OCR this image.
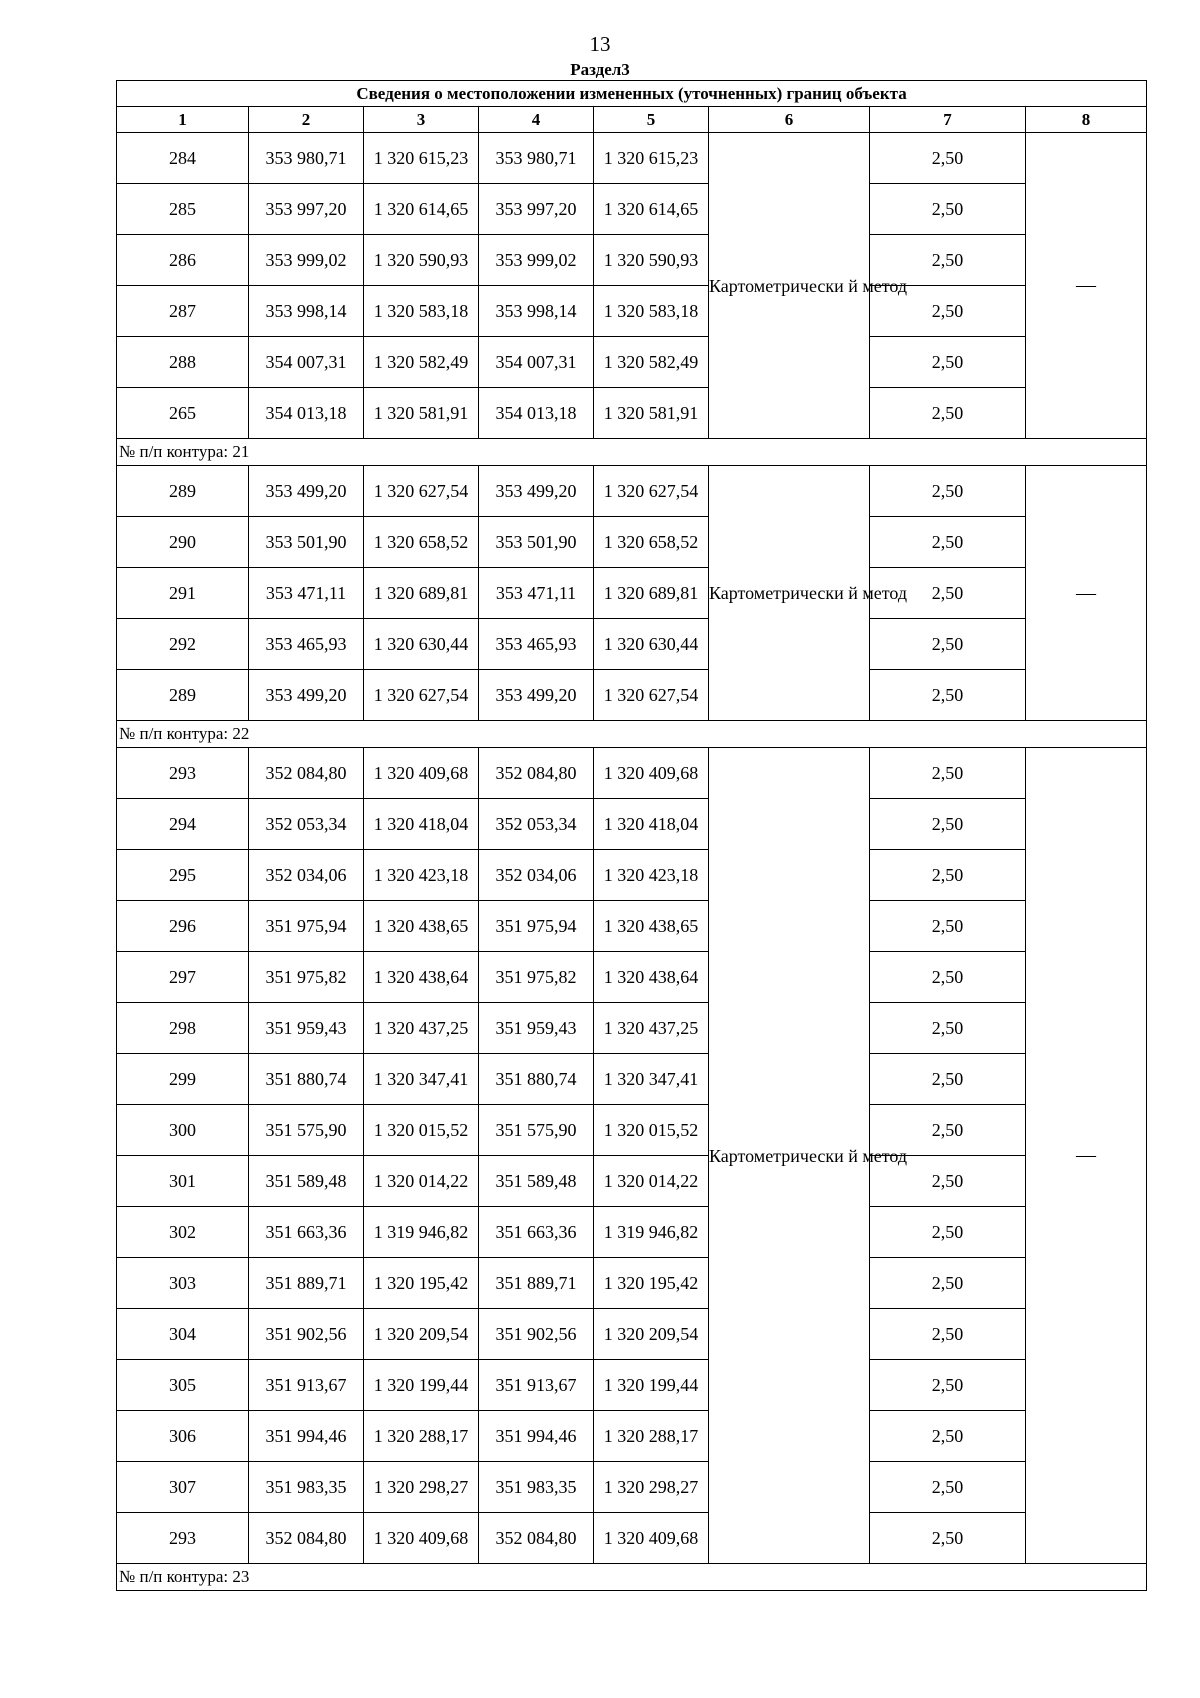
13
Раздел3
Сведения о местоположении измененных (уточненных) границ объекта							
1	2	3	4	5	6	7	8
284	353 980,71	1 320 615,23	353 980,71	1 320 615,23	Картометрически й метод	2,50	—
285	353 997,20	1 320 614,65	353 997,20	1 320 614,65		2,50	
286	353 999,02	1 320 590,93	353 999,02	1 320 590,93		2,50	
287	353 998,14	1 320 583,18	353 998,14	1 320 583,18		2,50	
288	354 007,31	1 320 582,49	354 007,31	1 320 582,49		2,50	
265	354 013,18	1 320 581,91	354 013,18	1 320 581,91		2,50	
№ п/п контура: 21							
289	353 499,20	1 320 627,54	353 499,20	1 320 627,54	Картометрически й метод	2,50	—
290	353 501,90	1 320 658,52	353 501,90	1 320 658,52		2,50	
291	353 471,11	1 320 689,81	353 471,11	1 320 689,81		2,50	
292	353 465,93	1 320 630,44	353 465,93	1 320 630,44		2,50	
289	353 499,20	1 320 627,54	353 499,20	1 320 627,54		2,50	
№ п/п контура: 22							
293	352 084,80	1 320 409,68	352 084,80	1 320 409,68	Картометрически й метод	2,50	—
294	352 053,34	1 320 418,04	352 053,34	1 320 418,04		2,50	
295	352 034,06	1 320 423,18	352 034,06	1 320 423,18		2,50	
296	351 975,94	1 320 438,65	351 975,94	1 320 438,65		2,50	
297	351 975,82	1 320 438,64	351 975,82	1 320 438,64		2,50	
298	351 959,43	1 320 437,25	351 959,43	1 320 437,25		2,50	
299	351 880,74	1 320 347,41	351 880,74	1 320 347,41		2,50	
300	351 575,90	1 320 015,52	351 575,90	1 320 015,52		2,50	
301	351 589,48	1 320 014,22	351 589,48	1 320 014,22		2,50	
302	351 663,36	1 319 946,82	351 663,36	1 319 946,82		2,50	
303	351 889,71	1 320 195,42	351 889,71	1 320 195,42		2,50	
304	351 902,56	1 320 209,54	351 902,56	1 320 209,54		2,50	
305	351 913,67	1 320 199,44	351 913,67	1 320 199,44		2,50	
306	351 994,46	1 320 288,17	351 994,46	1 320 288,17		2,50	
307	351 983,35	1 320 298,27	351 983,35	1 320 298,27		2,50	
293	352 084,80	1 320 409,68	352 084,80	1 320 409,68		2,50	
№ п/п контура: 23							
